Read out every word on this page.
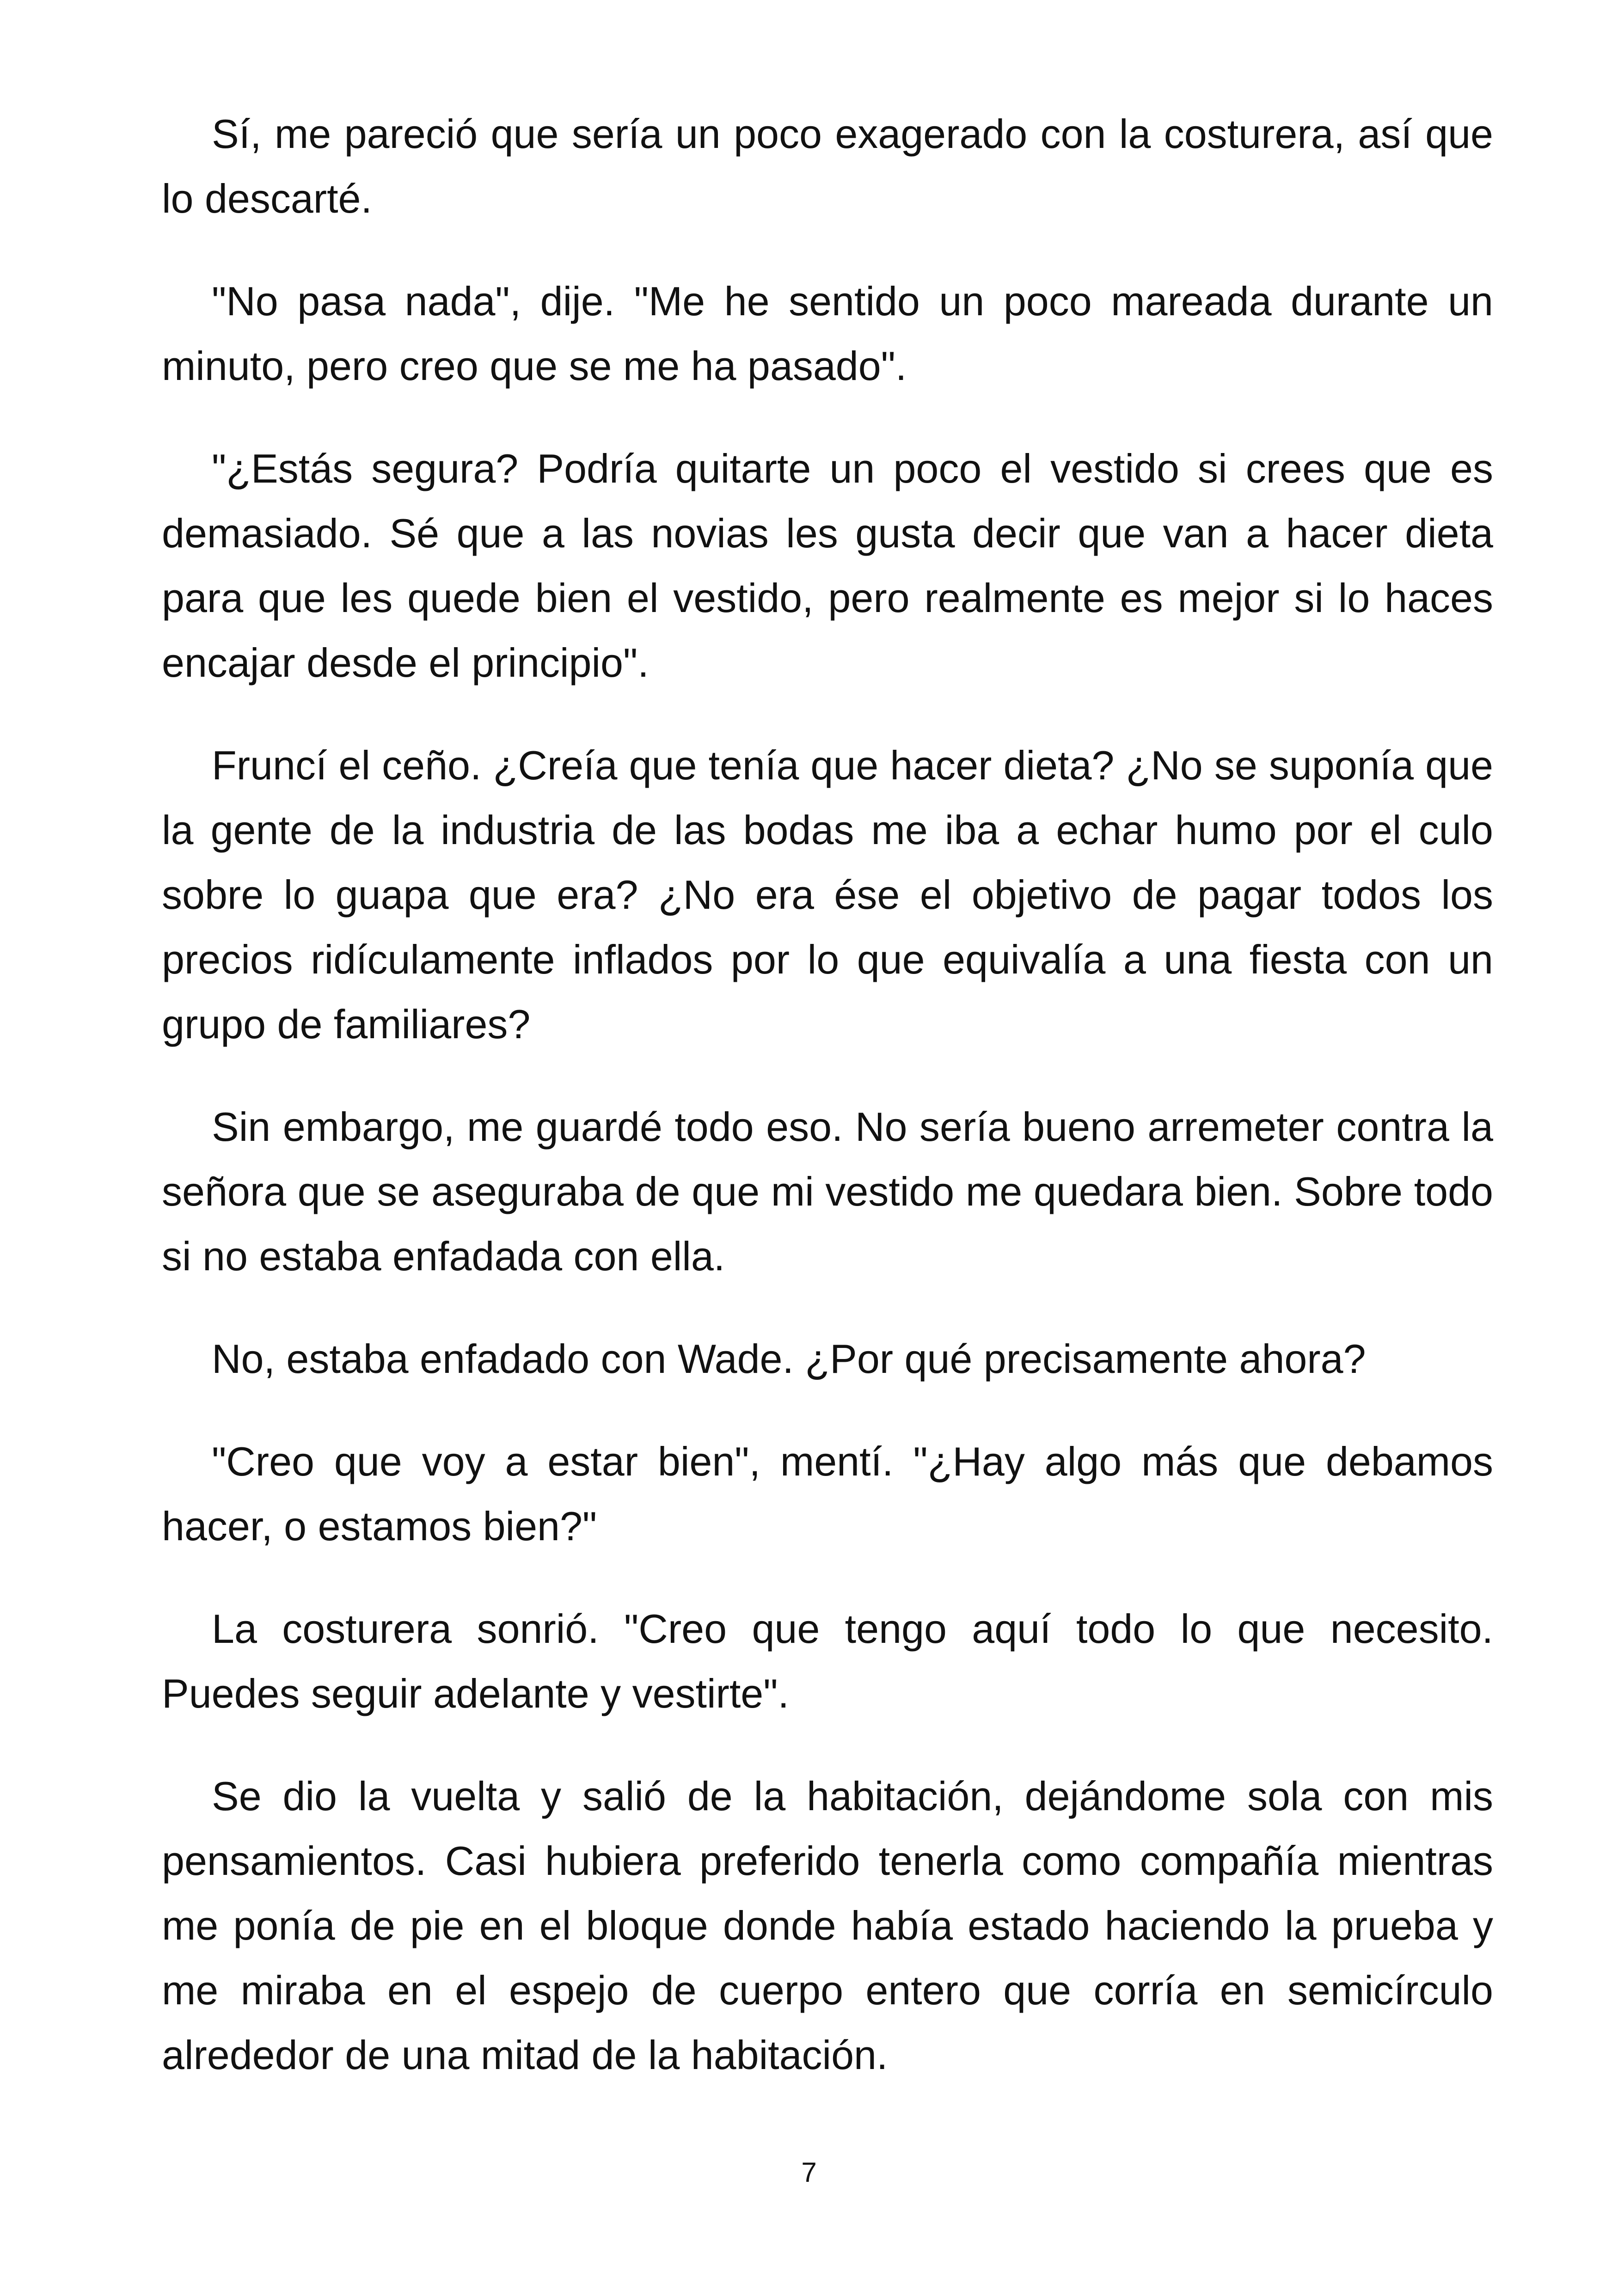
Sí, me pareció que sería un poco exagerado con la costurera, así que lo descarté.

"No pasa nada", dije. "Me he sentido un poco mareada durante un minuto, pero creo que se me ha pasado".

"¿Estás segura? Podría quitarte un poco el vestido si crees que es demasiado. Sé que a las novias les gusta decir que van a hacer dieta para que les quede bien el vestido, pero realmente es mejor si lo haces encajar desde el principio".

Fruncí el ceño. ¿Creía que tenía que hacer dieta? ¿No se suponía que la gente de la industria de las bodas me iba a echar humo por el culo sobre lo guapa que era? ¿No era ése el objetivo de pagar todos los precios ridículamente inflados por lo que equivalía a una fiesta con un grupo de familiares?

Sin embargo, me guardé todo eso. No sería bueno arremeter contra la señora que se aseguraba de que mi vestido me quedara bien. Sobre todo si no estaba enfadada con ella.

No, estaba enfadado con Wade. ¿Por qué precisamente ahora?

"Creo que voy a estar bien", mentí. "¿Hay algo más que debamos hacer, o estamos bien?"

La costurera sonrió. "Creo que tengo aquí todo lo que necesito. Puedes seguir adelante y vestirte".

Se dio la vuelta y salió de la habitación, dejándome sola con mis pensamientos. Casi hubiera preferido tenerla como compañía mientras me ponía de pie en el bloque donde había estado haciendo la prueba y me miraba en el espejo de cuerpo entero que corría en semicírculo alrededor de una mitad de la habitación.

7
